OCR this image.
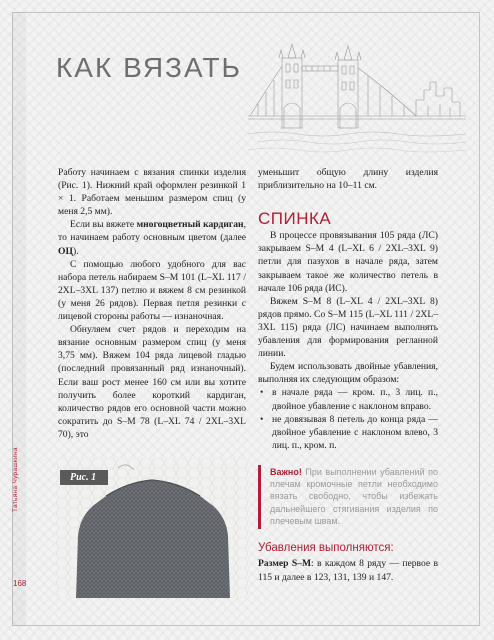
Татьяна Чурашкина
168
КАК ВЯЗАТЬ

Работу начинаем с вязания спинки изделия (Рис. 1). Нижний край оформлен резинкой 1 × 1. Работаем меньшим размером спиц (у меня 2,5 мм).

Если вы вяжете многоцветный кардиган, то начинаем работу основным цветом (далее ОЦ).

С помощью любого удобного для вас набора петель набираем S–M 101 (L–XL 117 / 2XL–3XL 137) петлю и вяжем 8 см резинкой (у меня 26 рядов). Первая петля резинки с лицевой стороны работы — изнаночная.

Обнуляем счет рядов и переходим на вязание основным размером спиц (у меня 3,75 мм). Вяжем 104 ряда лицевой гладью (последний провязанный ряд изнаночный). Если ваш рост менее 160 см или вы хотите получить более короткий кардиган, количество рядов его основной части можно сократить до S–M 78 (L–XL 74 / 2XL–3XL 70), это

уменьшит общую длину изделия приблизительно на 10–11 см.

СПИНКА

В процессе провязывания 105 ряда (ЛС) закрываем S–M 4 (L–XL 6 / 2XL–3XL 9) петли для пазухов в начале ряда, затем закрываем такое же количество петель в начале 106 ряда (ИС).

Вяжем S–M 8 (L–XL 4 / 2XL–3XL 8) рядов прямо. Со S–M 115 (L–XL 111 / 2XL–3XL 115) ряда (ЛС) начинаем выполнять убавления для формирования регланной линии.

Будем использовать двойные убавления, выполняя их следующим образом:

• в начале ряда — кром. п., 3 лиц. п., двойное убавление с наклоном вправо.
• не довязывая 8 петель до конца ряда — двойное убавление с наклоном влево, 3 лиц. п., кром. п.
Важно! При выполнении убавлений по плечам кромочные петли необходимо вязать свободно, чтобы избежать дальнейшего стягивания изделия по плечевым швам.
Убавления выполняются:

Размер S–M: в каждом 8 ряду — первое в 115 и далее в 123, 131, 139 и 147.

Рис. 1
